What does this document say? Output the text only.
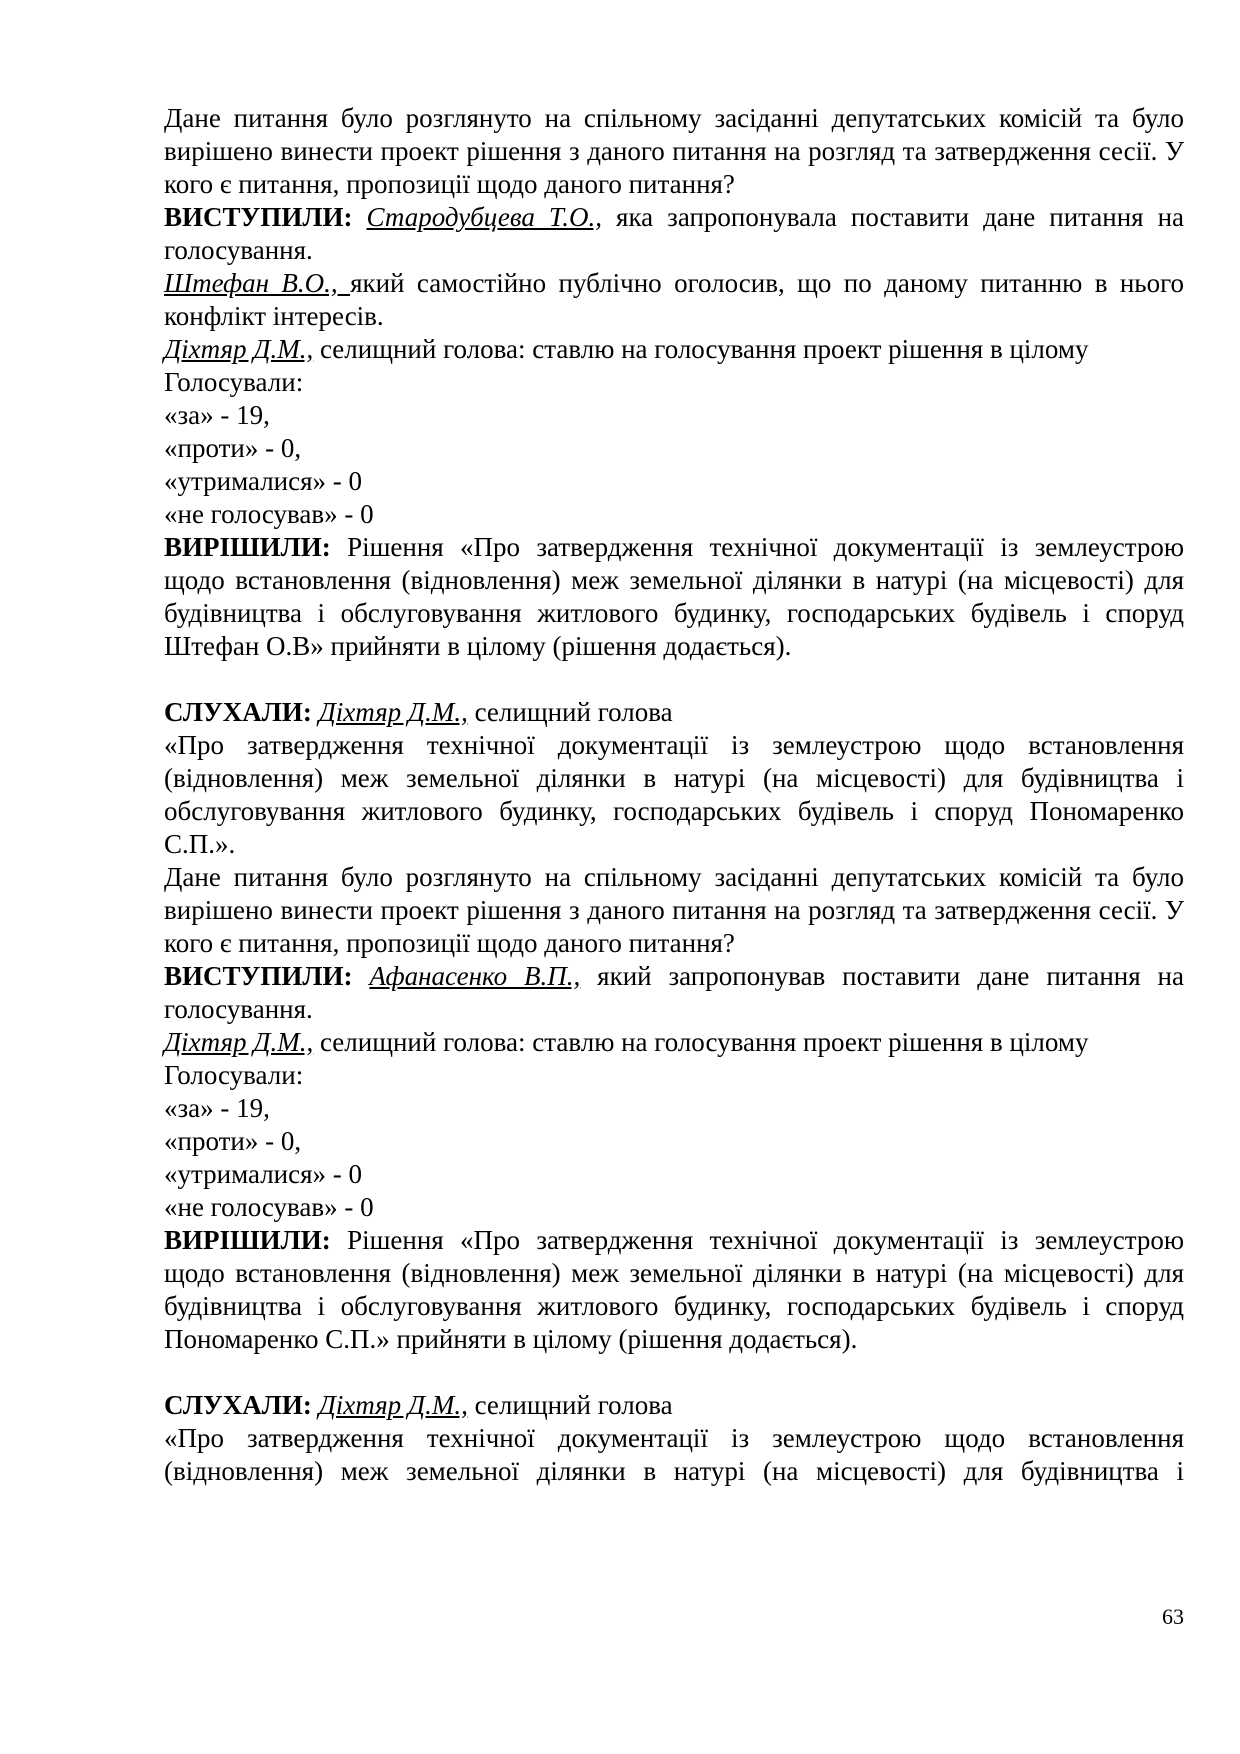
Дане питання було розглянуто на спільному засіданні депутатських комісій та було вирішено винести проект рішення з даного питання на розгляд та затвердження сесії. У кого є питання, пропозиції щодо даного питання?

ВИСТУПИЛИ: Стародубцева Т.О., яка запропонувала поставити дане питання на голосування.

Штефан В.О., який самостійно публічно оголосив, що по даному питанню в нього конфлікт інтересів.

Діхтяр Д.М., селищний голова: ставлю на голосування проект рішення в цілому

Голосували:

«за» - 19,

«проти» - 0,

«утрималися» - 0

«не голосував» - 0

ВИРІШИЛИ: Рішення «Про затвердження технічної документації із землеустрою щодо встановлення (відновлення) меж земельної ділянки в натурі (на місцевості) для будівництва і обслуговування житлового будинку, господарських будівель і споруд Штефан О.В» прийняти в цілому (рішення додається).

СЛУХАЛИ: Діхтяр Д.М., селищний голова

«Про затвердження технічної документації із землеустрою щодо встановлення (відновлення) меж земельної ділянки в натурі (на місцевості) для будівництва і обслуговування житлового будинку, господарських будівель і споруд Пономаренко С.П.».

Дане питання було розглянуто на спільному засіданні депутатських комісій та було вирішено винести проект рішення з даного питання на розгляд та затвердження сесії. У кого є питання, пропозиції щодо даного питання?

ВИСТУПИЛИ: Афанасенко В.П., який запропонував поставити дане питання на голосування.

Діхтяр Д.М., селищний голова: ставлю на голосування проект рішення в цілому

Голосували:

«за» - 19,

«проти» - 0,

«утрималися» - 0

«не голосував» - 0

ВИРІШИЛИ: Рішення «Про затвердження технічної документації із землеустрою щодо встановлення (відновлення) меж земельної ділянки в натурі (на місцевості) для будівництва і обслуговування житлового будинку, господарських будівель і споруд Пономаренко С.П.» прийняти в цілому (рішення додається).

СЛУХАЛИ: Діхтяр Д.М., селищний голова

«Про затвердження технічної документації із землеустрою щодо встановлення (відновлення) меж земельної ділянки в натурі (на місцевості) для будівництва і

63
